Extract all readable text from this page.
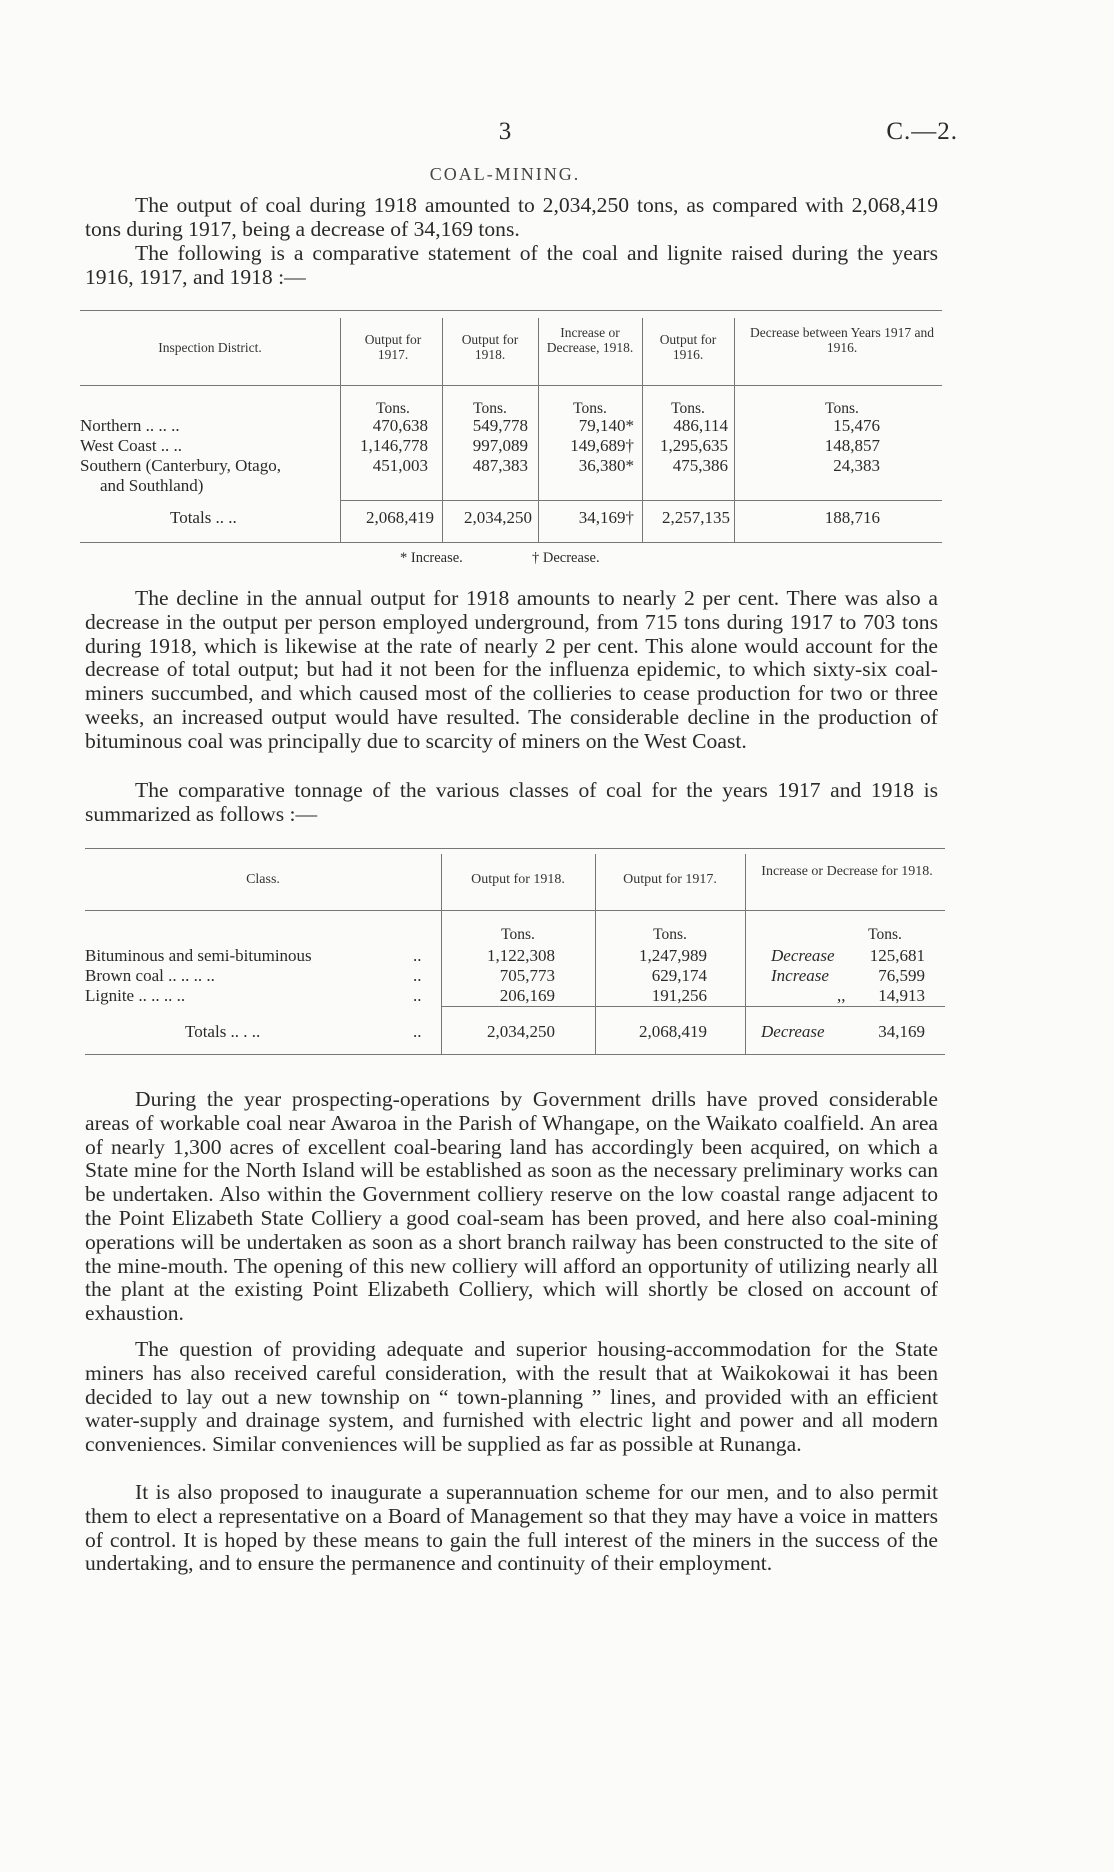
3	C.—2.
COAL-MINING.
The output of coal during 1918 amounted to 2,034,250 tons, as compared with 2,068,419 tons during 1917, being a decrease of 34,169 tons.
The following is a comparative statement of the coal and lignite raised during the years 1916, 1917, and 1918 :—
Inspection District.
Output for 1917.
Output for 1918.
Increase or Decrease, 1918.
Output for 1916.
Decrease between Years 1917 and 1916.
Tons.	Tons.	Tons.	Tons.	Tons.
Northern .. .. ..	470,638	549,778	79,140*	486,114	15,476
West Coast .. ..	1,146,778	997,089	149,689†	1,295,635	148,857
Southern (Canterbury, Otago,
and Southland)
451,003	487,383	36,380*	475,386	24,383
Totals .. ..	2,068,419	2,034,250	34,169†	2,257,135	188,716
* Increase.	† Decrease.
The decline in the annual output for 1918 amounts to nearly 2 per cent. There was also a decrease in the output per person employed underground, from 715 tons during 1917 to 703 tons during 1918, which is likewise at the rate of nearly 2 per cent. This alone would account for the decrease of total output; but had it not been for the influenza epidemic, to which sixty-six coal-miners succumbed, and which caused most of the collieries to cease production for two or three weeks, an increased output would have resulted. The considerable decline in the production of bituminous coal was principally due to scarcity of miners on the West Coast.
The comparative tonnage of the various classes of coal for the years 1917 and 1918 is summarized as follows :—
Class.	Output for 1918.	Output for 1917.
Increase or Decrease for 1918.
Tons.	Tons.	Tons.
Bituminous and semi-bituminous	..	1,122,308	1,247,989	Decrease	125,681
Brown coal .. .. .. ..	..	705,773	629,174	Increase	76,599
Lignite .. .. .. ..	..	206,169	191,256	,,	14,913
Totals .. . ..	..	2,034,250	2,068,419	Decrease	34,169
During the year prospecting-operations by Government drills have proved considerable areas of workable coal near Awaroa in the Parish of Whangape, on the Waikato coalfield. An area of nearly 1,300 acres of excellent coal-bearing land has accordingly been acquired, on which a State mine for the North Island will be established as soon as the necessary preliminary works can be undertaken. Also within the Government colliery reserve on the low coastal range adjacent to the Point Elizabeth State Colliery a good coal-seam has been proved, and here also coal-mining operations will be undertaken as soon as a short branch railway has been constructed to the site of the mine-mouth. The opening of this new colliery will afford an opportunity of utilizing nearly all the plant at the existing Point Elizabeth Colliery, which will shortly be closed on account of exhaustion.
The question of providing adequate and superior housing-accommodation for the State miners has also received careful consideration, with the result that at Waikokowai it has been decided to lay out a new township on “ town-planning ” lines, and provided with an efficient water-supply and drainage system, and furnished with electric light and power and all modern conveniences. Similar conveniences will be supplied as far as possible at Runanga.
It is also proposed to inaugurate a superannuation scheme for our men, and to also permit them to elect a representative on a Board of Management so that they may have a voice in matters of control. It is hoped by these means to gain the full interest of the miners in the success of the undertaking, and to ensure the permanence and continuity of their employment.
